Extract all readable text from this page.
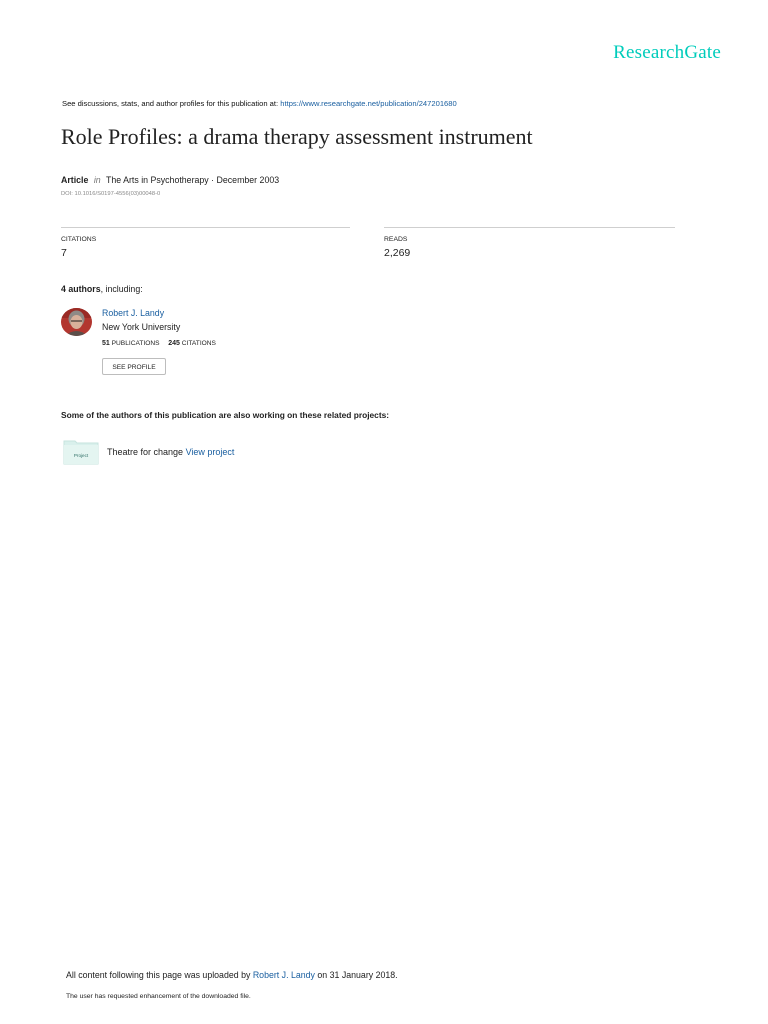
ResearchGate
See discussions, stats, and author profiles for this publication at: https://www.researchgate.net/publication/247201680
Role Profiles: a drama therapy assessment instrument
Article in The Arts in Psychotherapy · December 2003
DOI: 10.1016/S0197-4556(03)00048-0
CITATIONS
7
READS
2,269
4 authors, including:
Robert J. Landy
New York University
51 PUBLICATIONS 245 CITATIONS
SEE PROFILE
Some of the authors of this publication are also working on these related projects:
Project Theatre for change View project
All content following this page was uploaded by Robert J. Landy on 31 January 2018.
The user has requested enhancement of the downloaded file.
